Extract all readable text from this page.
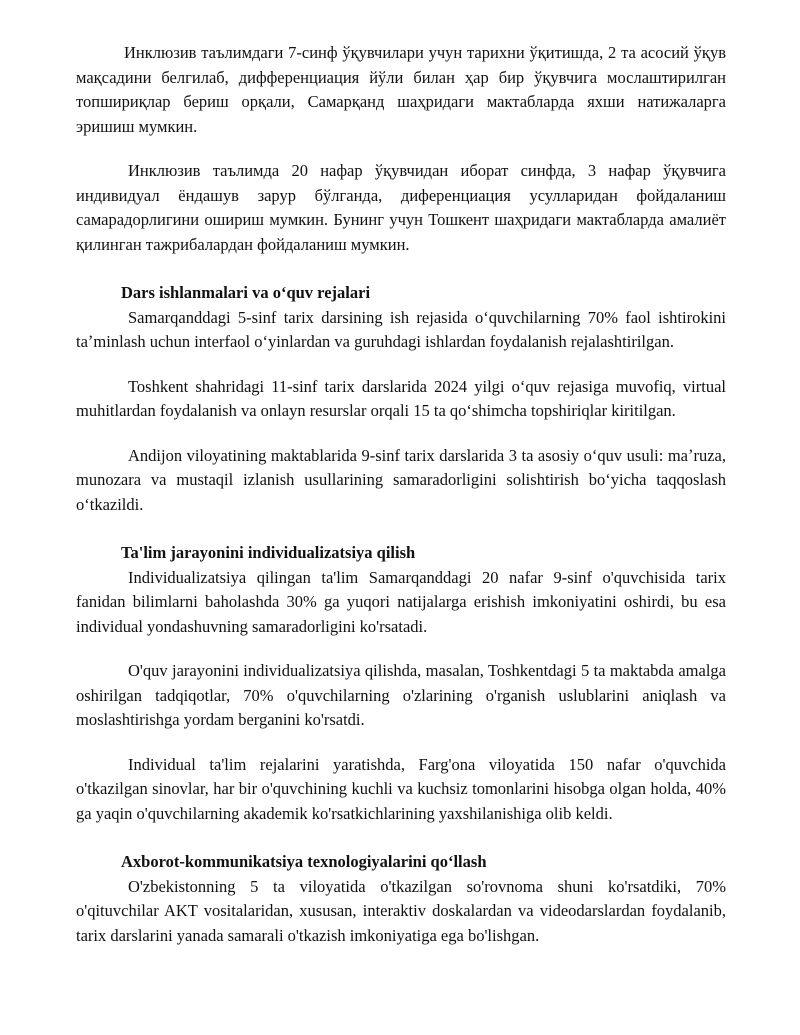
Инклюзив таълимдаги 7-синф ўқувчилари учун тарихни ўқитишда, 2 та асосий ўқув мақсадини белгилаб, дифференциация йўли билан ҳар бир ўқувчига мослаштирилган топшириқлар бериш орқали, Самарқанд шаҳридаги мактабларда яхши натижаларга эришиш мумкин.

Инклюзив таълимда 20 нафар ўқувчидан иборат синфда, 3 нафар ўқувчига индивидуал ёндашув зарур бўлганда, диференциация усулларидан фойдаланиш самарадорлигини ошириш мумкин. Бунинг учун Тошкент шаҳридаги мактабларда амалиёт қилинган тажрибалардан фойдаланиш мумкин.

Dars ishlanmalari va oʻquv rejalari

Samarqanddagi 5-sinf tarix darsining ish rejasida oʻquvchilarning 70% faol ishtirokini taʼminlash uchun interfaol oʻyinlardan va guruhdagi ishlardan foydalanish rejalashtirilgan.

Toshkent shahridagi 11-sinf tarix darslarida 2024 yilgi oʻquv rejasiga muvofiq, virtual muhitlardan foydalanish va onlayn resurslar orqali 15 ta qoʻshimcha topshiriqlar kiritilgan.

Andijon viloyatining maktablarida 9-sinf tarix darslarida 3 ta asosiy oʻquv usuli: maʼruza, munozara va mustaqil izlanish usullarining samaradorligini solishtirish boʻyicha taqqoslash oʻtkazildi.

Ta'lim jarayonini individualizatsiya qilish

Individualizatsiya qilingan ta'lim Samarqanddagi 20 nafar 9-sinf o'quvchisida tarix fanidan bilimlarni baholashda 30% ga yuqori natijalarga erishish imkoniyatini oshirdi, bu esa individual yondashuvning samaradorligini ko'rsatadi.

O'quv jarayonini individualizatsiya qilishda, masalan, Toshkentdagi 5 ta maktabda amalga oshirilgan tadqiqotlar, 70% o'quvchilarning o'zlarining o'rganish uslublarini aniqlash va moslashtirishga yordam berganini ko'rsatdi.

Individual ta'lim rejalarini yaratishda, Farg'ona viloyatida 150 nafar o'quvchida o'tkazilgan sinovlar, har bir o'quvchining kuchli va kuchsiz tomonlarini hisobga olgan holda, 40% ga yaqin o'quvchilarning akademik ko'rsatkichlarining yaxshilanishiga olib keldi.

Axborot-kommunikatsiya texnologiyalarini qoʻllash

O'zbekistonning 5 ta viloyatida o'tkazilgan so'rovnoma shuni ko'rsatdiki, 70% o'qituvchilar AKT vositalaridan, xususan, interaktiv doskalardan va videodarslardan foydalanib, tarix darslarini yanada samarali o'tkazish imkoniyatiga ega bo'lishgan.
